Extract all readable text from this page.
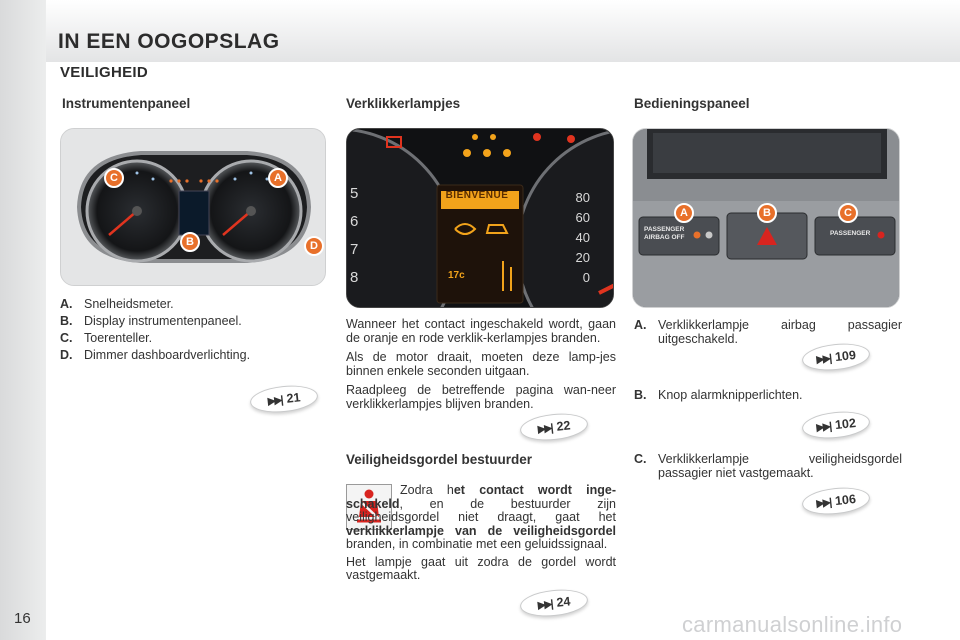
IN EEN OOGOPSLAG
VEILIGHEID
Instrumentenpaneel
C	A
B	D
A. Snelheidsmeter.
B. Display instrumentenpaneel.
C. Toerenteller.
D. Dimmer dashboardverlichting.
▶▶| 21
Verklikkerlampjes
BIENVENUE
17c
5
6
7
8
80
60
40
20
0

Wanneer het contact ingeschakeld wordt, gaan de oranje en rode verklik-kerlampjes branden.

Als de motor draait, moeten deze lamp-jes binnen enkele seconden uitgaan.

Raadpleeg de betreffende pagina wan-neer verklikkerlampjes blijven branden.

▶▶| 22
Veiligheidsgordel bestuurder

Zodra het contact wordt inge-schakeld, en de bestuurder zijn veiligheidsgordel niet draagt, gaat het verklikkerlampje van de veiligheidsgordel branden, in combinatie met een geluidssignaal.

Het lampje gaat uit zodra de gordel wordt vastgemaakt.

▶▶| 24
Bedieningspaneel
PASSENGER AIRBAG OFF
PASSENGER
A	B	C
A. Verklikkerlampje airbag passagier uitgeschakeld.
▶▶| 109
B. Knop alarmknipperlichten.
▶▶| 102
C. Verklikkerlampje veiligheidsgordel passagier niet vastgemaakt.
▶▶| 106
16	carmanualsonline.info
